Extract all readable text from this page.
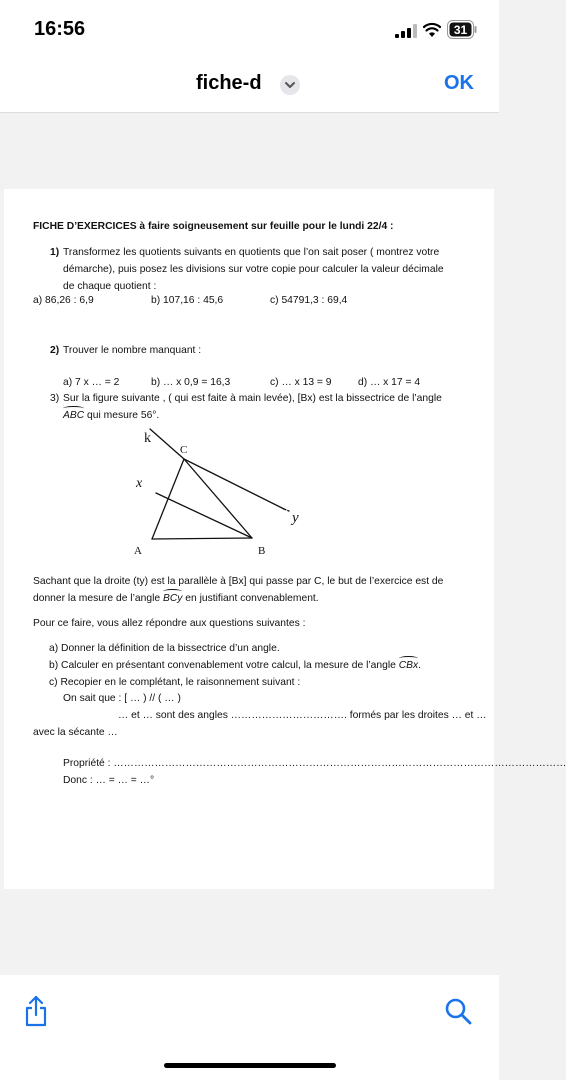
16:56	31
fiche-d	OK
FICHE D’EXERCICES à faire soigneusement sur feuille pour le lundi 22/4 :
1) Transformez les quotients suivants en quotients que l’on sait poser ( montrez votre
démarche), puis posez les divisions sur votre copie pour calculer la valeur décimale
de chaque quotient :
a) 86,26 : 6,9	b) 107,16 : 45,6	c) 54791,3 : 69,4
2) Trouver le nombre manquant :
a) 7 x … = 2	b) … x 0,9 = 16,3	c) … x 13 = 9	d) … x 17 = 4
3) Sur la figure suivante , ( qui est faite à main levée), [Bx) est la bissectrice de l’angle
ABC qui mesure 56°.
k
C
x
y
A	B
Sachant que la droite (ty) est la parallèle à [Bx] qui passe par C, le but de l’exercice est de
donner la mesure de l’angle BCy en justifiant convenablement.
Pour ce faire, vous allez répondre aux questions suivantes :
a) Donner la définition de la bissectrice d’un angle.
b) Calculer en présentant convenablement votre calcul, la mesure de l’angle CBx.
c) Recopier en le complétant, le raisonnement suivant :
On sait que : [ … ) // ( … )
… et … sont des angles ……………………………. formés par les droites … et …
avec la sécante …
Propriété : ……………………………………………………………………………………………………………………
Donc : … = … = …°
